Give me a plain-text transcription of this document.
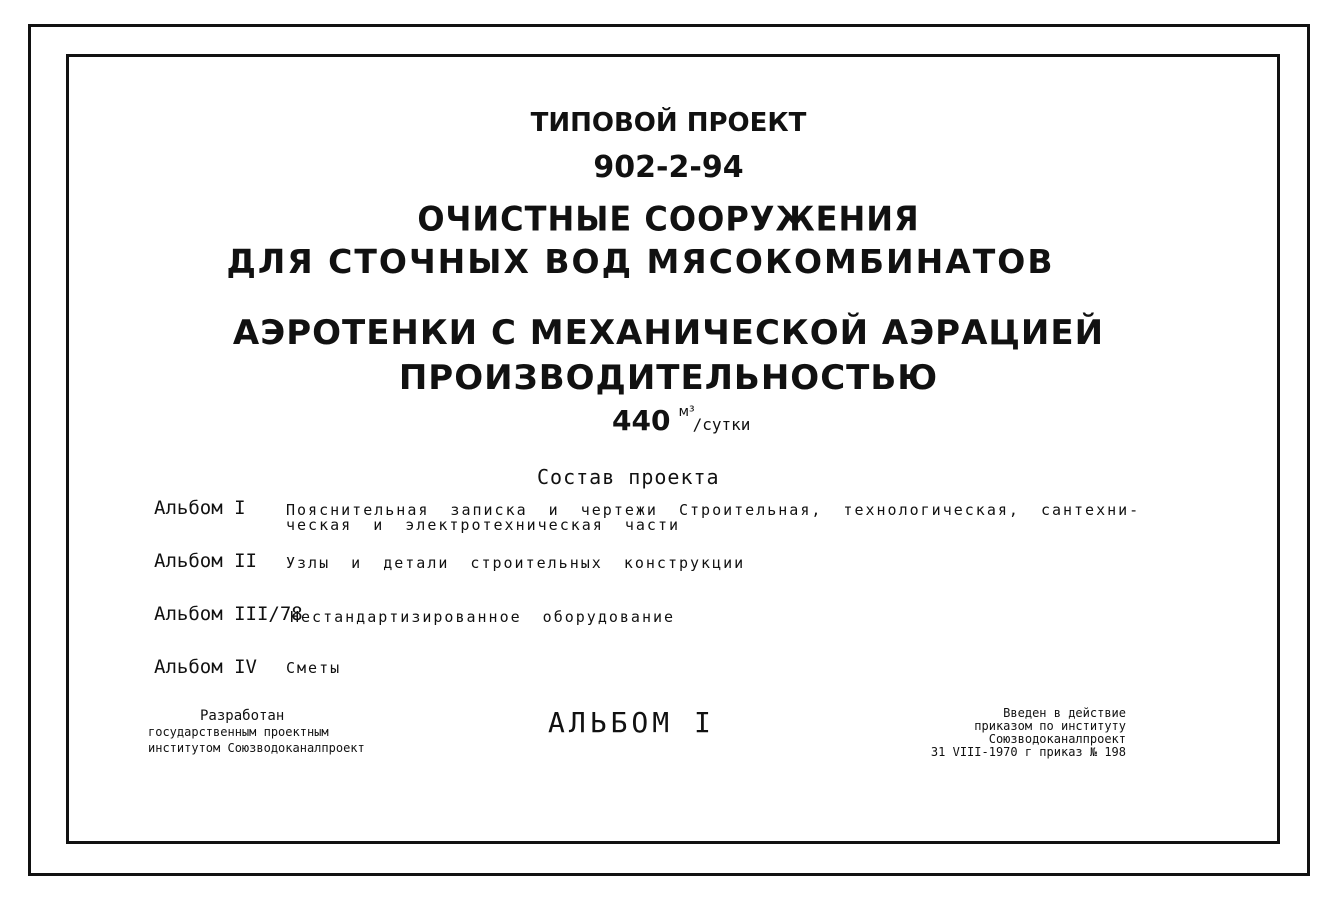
ТИПОВОЙ ПРОЕКТ
902-2-94
ОЧИСТНЫЕ СООРУЖЕНИЯ
ДЛЯ СТОЧНЫХ ВОД МЯСОКОМБИНАТОВ
АЭРОТЕНКИ С МЕХАНИЧЕСКОЙ АЭРАЦИЕЙ
ПРОИЗВОДИТЕЛЬНОСТЬЮ
440 $^{м^3}$/сутки
Состав проекта
Альбом I	Пояснительная записка и чертежи Строительная, технологическая, сантехни-
ческая и электротехническая части
Альбом II Узлы и детали строительных конструкции
Альбом III/78
Нестандартизированное оборудование
Альбом IV Сметы
Разработан
государственным проектным
институтом Союзводоканалпроект
АЛЬБОМ I	Введен в действие
приказом по институту
Союзводоканалпроект
31 VIII-1970 г приказ № 198
